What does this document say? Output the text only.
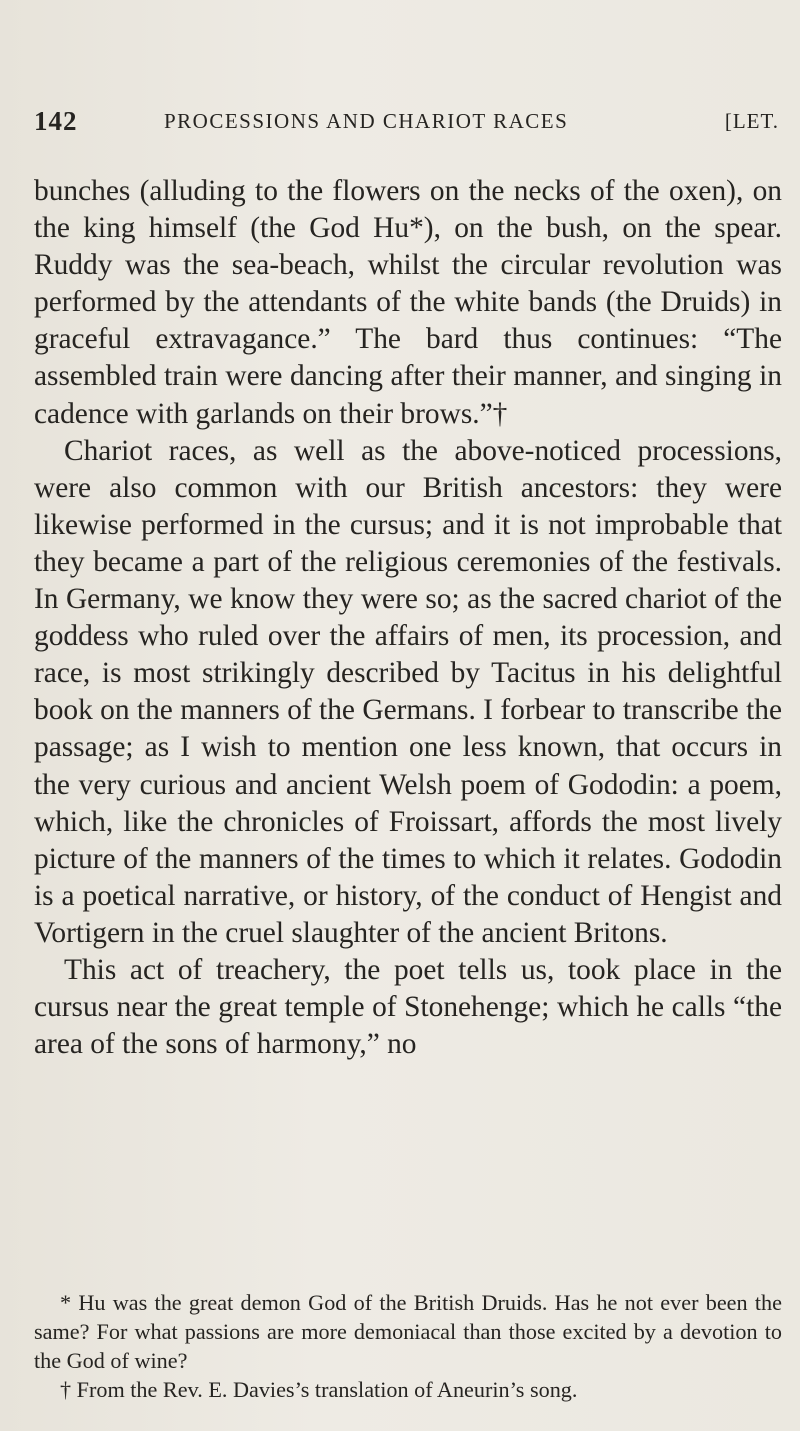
142	PROCESSIONS AND CHARIOT RACES	[LET.

bunches (alluding to the flowers on the necks of the oxen), on the king himself (the God Hu*), on the bush, on the spear. Ruddy was the sea-beach, whilst the circular revolution was performed by the attendants of the white bands (the Druids) in graceful extravagance.” The bard thus continues: “The assembled train were dancing after their manner, and singing in cadence with garlands on their brows.”†

Chariot races, as well as the above-noticed processions, were also common with our British ancestors: they were likewise performed in the cursus; and it is not improbable that they became a part of the religious ceremonies of the festivals. In Germany, we know they were so; as the sacred chariot of the goddess who ruled over the affairs of men, its procession, and race, is most strikingly described by Tacitus in his delightful book on the manners of the Germans. I forbear to transcribe the passage; as I wish to mention one less known, that occurs in the very curious and ancient Welsh poem of Gododin: a poem, which, like the chronicles of Froissart, affords the most lively picture of the manners of the times to which it relates. Gododin is a poetical narrative, or history, of the conduct of Hengist and Vortigern in the cruel slaughter of the ancient Britons.

This act of treachery, the poet tells us, took place in the cursus near the great temple of Stonehenge; which he calls “the area of the sons of harmony,” no

* Hu was the great demon God of the British Druids. Has he not ever been the same? For what passions are more demoniacal than those excited by a devotion to the God of wine?

† From the Rev. E. Davies’s translation of Aneurin’s song.
